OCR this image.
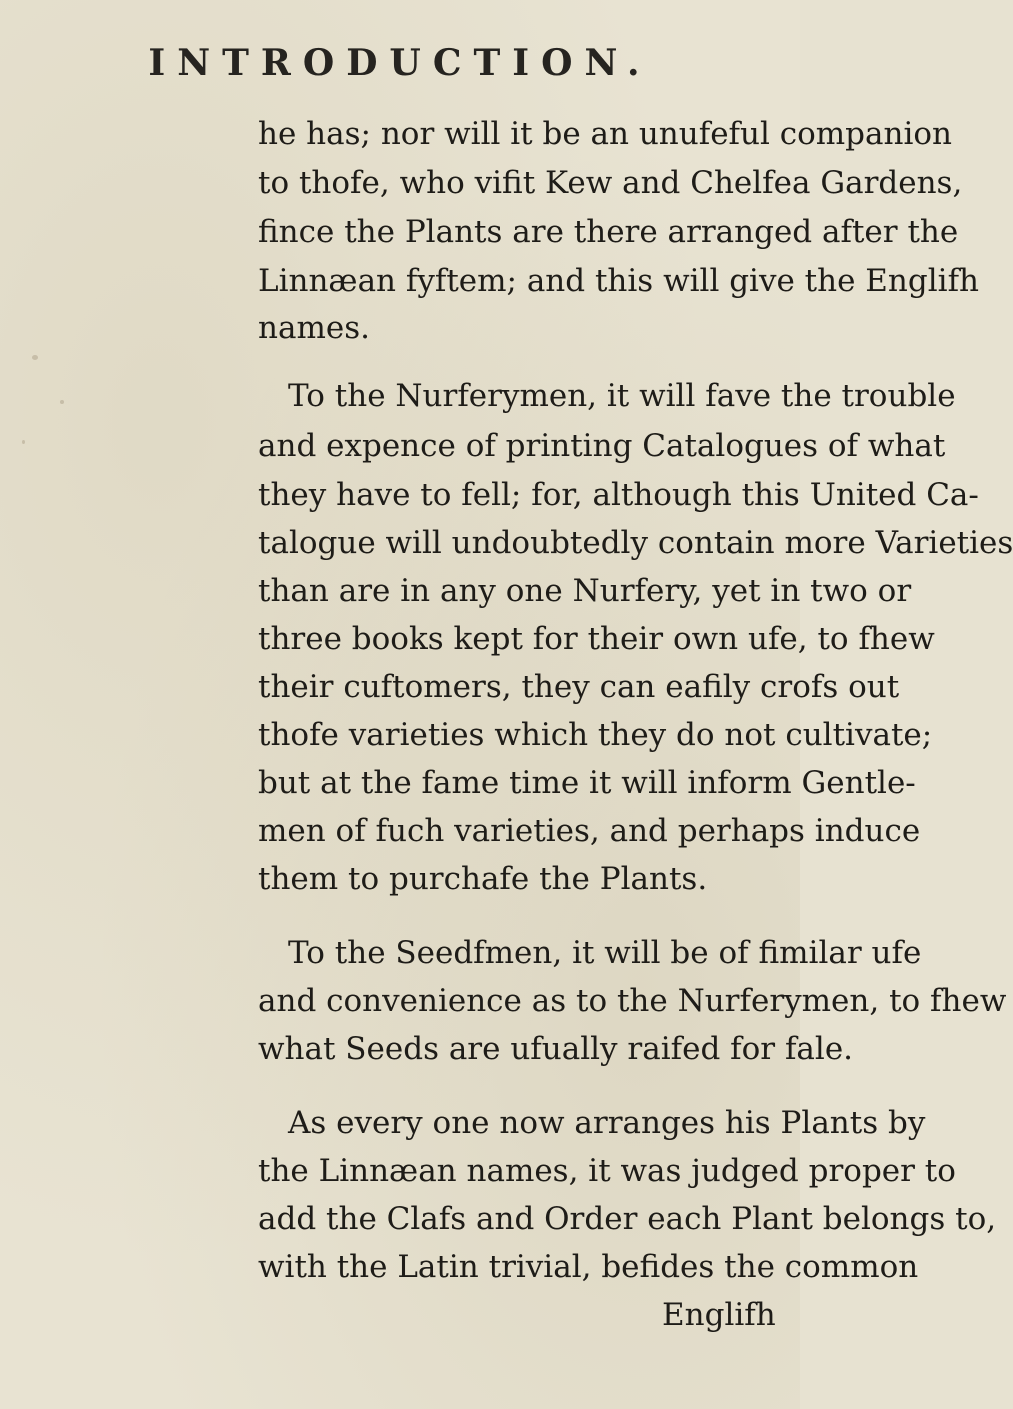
INTRODUCTION.
he has; nor will it be an unufeful companion
to thofe, who vifit Kew and Chelfea Gardens,
fince the Plants are there arranged after the
Linnæan fyftem; and this will give the Englifh
names.
To the Nurferymen, it will fave the trouble
and expence of printing Catalogues of what
they have to fell; for, although this United Ca-
talogue will undoubtedly contain more Varieties
than are in any one Nurfery, yet in two or
three books kept for their own ufe, to fhew
their cuftomers, they can eafily crofs out
thofe varieties which they do not cultivate;
but at the fame time it will inform Gentle-
men of fuch varieties, and perhaps induce
them to purchafe the Plants.
To the Seedfmen, it will be of fimilar ufe
and convenience as to the Nurferymen, to fhew
what Seeds are ufually raifed for fale.
As every one now arranges his Plants by
the Linnæan names, it was judged proper to
add the Clafs and Order each Plant belongs to,
with the Latin trivial, befides the common
Englifh
